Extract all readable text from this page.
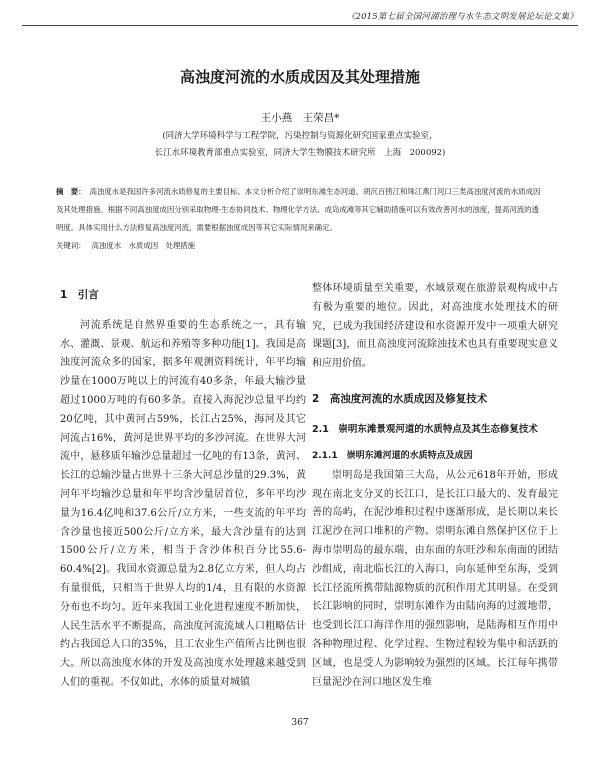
《2015第七届全国河湖治理与水生态文明发展论坛论文集》
高浊度河流的水质成因及其处理措施
王小燕　王荣昌*
(同济大学环境科学与工程学院，污染控制与资源化研究国家重点实验室，
长江水环境教育部重点实验室，同济大学生物膜技术研究所　上海　200092)

摘　要： 高浊度水是我国许多河流水质修复的主要目标。本文分析介绍了崇明东滩生态河道、胡沉百捞江和珠江燕门河口三类高浊度河流的水质成因及其处理措施。根据不同高浊度成因分别采取物理-生态协同技术、物理化学方法、成岛成滩等其它辅助措施可以有效改善河水的浊度，提高河流的透明度。具体实用什么方法修复高浊度河流，需要根据浊度成因等其它实际情况来确定。

关键词： 高浊度水　水质成因　处理措施

1　引言

河流系统是自然界重要的生态系统之一，具有输水、灌溉、景观、航运和养殖等多种功能[1]。我国是高浊度河流众多的国家，据多年观测资料统计，年平均输沙量在1000万吨以上的河流有40多条，年最大输沙量超过1000万吨的有60多条。直接入海泥沙总量平均约20亿吨，其中黄河占59%，长江占25%，海河及其它河流占16%，黄河是世界平均的多沙河流。在世界大河流中，悬移质年输沙总量超过一亿吨的有13条，黄河、长江的总输沙量占世界十三条大河总沙量的29.3%，黄河年平均输沙总量和年平均含沙量居首位，多年平均沙量为16.4亿吨和37.6公斤/立方米，一些支流的年平均含沙量也接近500公斤/立方米，最大含沙量有的达到1500公斤/立方米，相当于含沙体积百分比55.6-60.4%[2]。我国水资源总量为2.8亿立方米，但人均占有量很低，只相当于世界人均的1/4，且有限的水资源分布也不均匀。近年来我国工业化进程速度不断加快，人民生活水平不断提高，高浊度河流流域人口粗略估计约占我国总人口的35%，且工农业生产值所占比例也很大。所以高浊度水体的开发及高浊度水处理越来越受到人们的重视。不仅如此，水体的质量对城镇

整体环境质量至关重要，水域景观在旅游景观构成中占有极为重要的地位。因此，对高浊度水处理技术的研究，已成为我国经济建设和水资源开发中一项重大研究课题[3]，而且高浊度河流除浊技术也具有重要现实意义和应用价值。

2　高浊度河流的水质成因及修复技术
2.1　崇明东滩景观河道的水质特点及其生态修复技术
2.1.1　崇明东滩河道的水质特点及成因

崇明岛是我国第三大岛，从公元618年开始，形成现在南北支分叉的长江口，是长江口最大的、发育最完善的岛屿，在泥沙堆积过程中逐渐形成，是长期以来长江泥沙在河口堆积的产物。崇明东滩自然保护区位于上海市崇明岛的最东端，由东面的东旺沙和东南面的团结沙组成，南北临长江的入海口，向东延伸至东海，受到长江径流所携带陆源物质的沉积作用尤其明显。在受到长江影响的同时，崇明东滩作为由陆向海的过渡地带，也受到长江口海洋作用的强烈影响，是陆海相互作用中各种物理过程、化学过程、生物过程较为集中和活跃的区域，也是受人为影响较为强烈的区域。长江每年携带巨量泥沙在河口地区发生堆

367
